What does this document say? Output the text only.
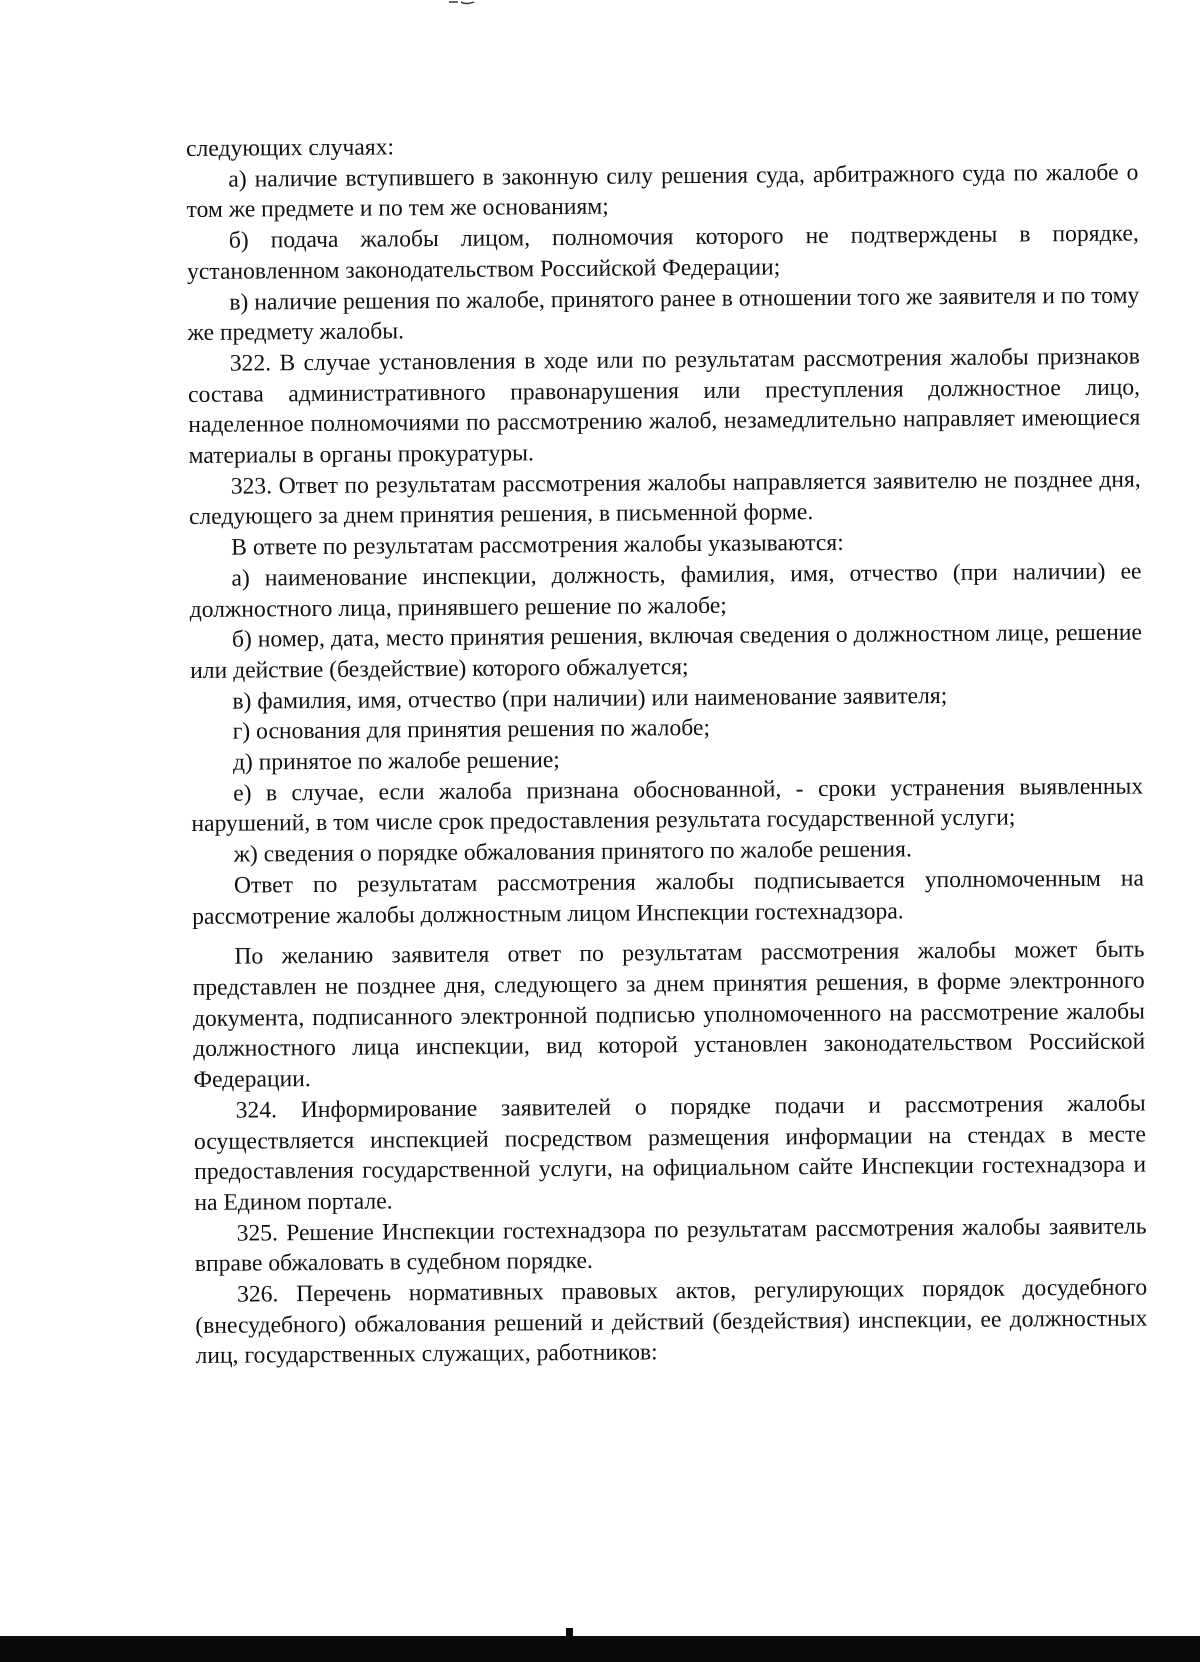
следующих случаях:

а) наличие вступившего в законную силу решения суда, арбитражного суда по жалобе о том же предмете и по тем же основаниям;

б) подача жалобы лицом, полномочия которого не подтверждены в порядке, установленном законодательством Российской Федерации;

в) наличие решения по жалобе, принятого ранее в отношении того же заявителя и по тому же предмету жалобы.

322. В случае установления в ходе или по результатам рассмотрения жалобы признаков состава административного правонарушения или преступления должностное лицо, наделенное полномочиями по рассмотрению жалоб, незамедлительно направляет имеющиеся материалы в органы прокуратуры.

323. Ответ по результатам рассмотрения жалобы направляется заявителю не позднее дня, следующего за днем принятия решения, в письменной форме.

В ответе по результатам рассмотрения жалобы указываются:

а) наименование инспекции, должность, фамилия, имя, отчество (при наличии) ее должностного лица, принявшего решение по жалобе;

б) номер, дата, место принятия решения, включая сведения о должностном лице, решение или действие (бездействие) которого обжалуется;

в) фамилия, имя, отчество (при наличии) или наименование заявителя;

г) основания для принятия решения по жалобе;

д) принятое по жалобе решение;

е) в случае, если жалоба признана обоснованной, - сроки устранения выявленных нарушений, в том числе срок предоставления результата государственной услуги;

ж) сведения о порядке обжалования принятого по жалобе решения.

Ответ по результатам рассмотрения жалобы подписывается уполномоченным на рассмотрение жалобы должностным лицом Инспекции гостехнадзора.

По желанию заявителя ответ по результатам рассмотрения жалобы может быть представлен не позднее дня, следующего за днем принятия решения, в форме электронного документа, подписанного электронной подписью уполномоченного на рассмотрение жалобы должностного лица инспекции, вид которой установлен законодательством Российской Федерации.

324. Информирование заявителей о порядке подачи и рассмотрения жалобы осуществляется инспекцией посредством размещения информации на стендах в месте предоставления государственной услуги, на официальном сайте Инспекции гостехнадзора и на Едином портале.

325. Решение Инспекции гостехнадзора по результатам рассмотрения жалобы заявитель вправе обжаловать в судебном порядке.

326. Перечень нормативных правовых актов, регулирующих порядок досудебного (внесудебного) обжалования решений и действий (бездействия) инспекции, ее должностных лиц, государственных служащих, работников:
